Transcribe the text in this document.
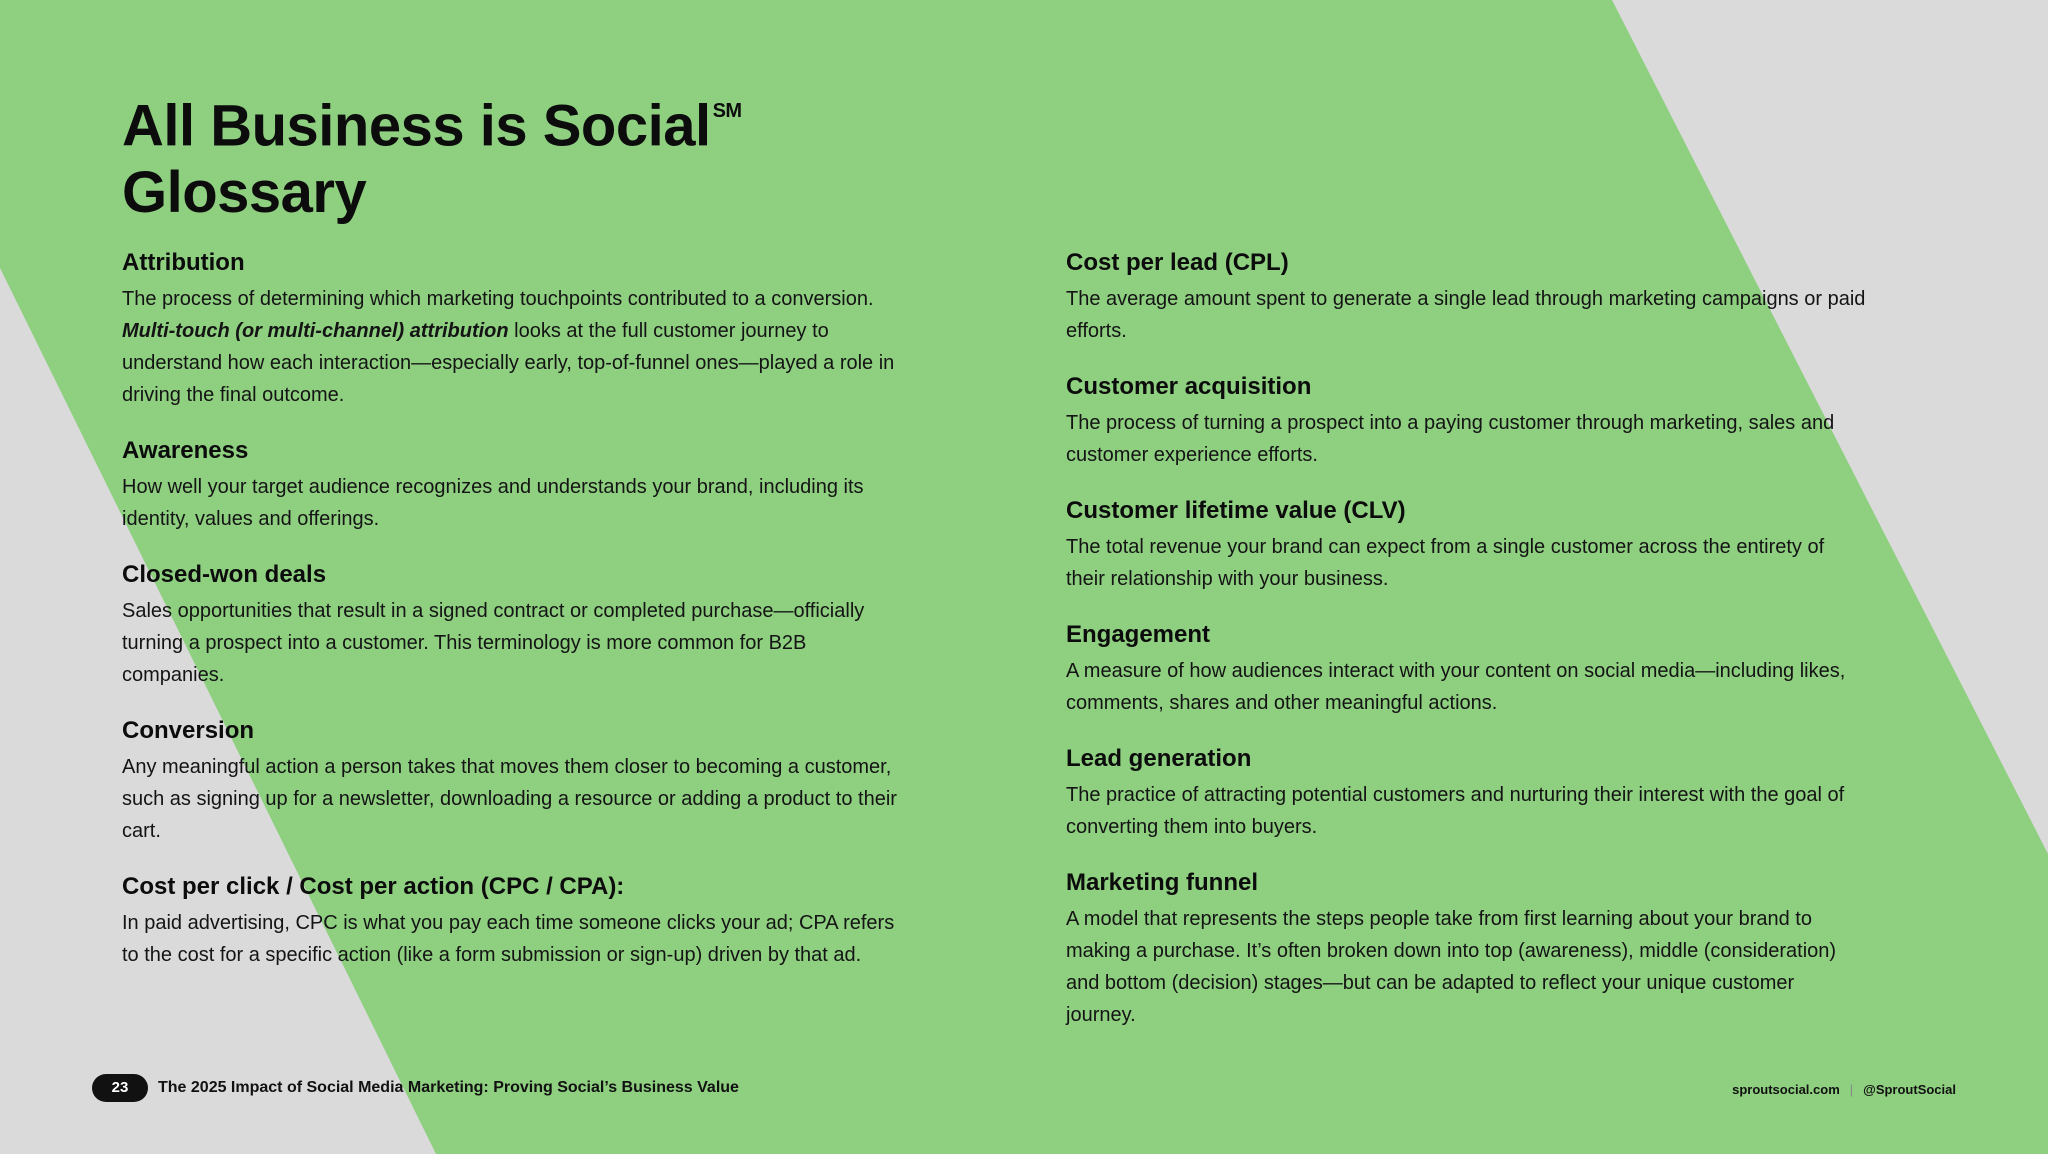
All Business is Social ℠
Glossary
Attribution

The process of determining which marketing touchpoints contributed to a conversion. Multi-touch (or multi-channel) attribution looks at the full customer journey to understand how each interaction—especially early, top-of-funnel ones—played a role in driving the final outcome.

Awareness

How well your target audience recognizes and understands your brand, including its identity, values and offerings.

Closed-won deals

Sales opportunities that result in a signed contract or completed purchase—officially turning a prospect into a customer. This terminology is more common for B2B companies.

Conversion

Any meaningful action a person takes that moves them closer to becoming a customer, such as signing up for a newsletter, downloading a resource or adding a product to their cart.

Cost per click / Cost per action (CPC / CPA):

In paid advertising, CPC is what you pay each time someone clicks your ad; CPA refers to the cost for a specific action (like a form submission or sign-up) driven by that ad.

Cost per lead (CPL)

The average amount spent to generate a single lead through marketing campaigns or paid efforts.

Customer acquisition

The process of turning a prospect into a paying customer through marketing, sales and customer experience efforts.

Customer lifetime value (CLV)

The total revenue your brand can expect from a single customer across the entirety of their relationship with your business.

Engagement

A measure of how audiences interact with your content on social media—including likes, comments, shares and other meaningful actions.

Lead generation

The practice of attracting potential customers and nurturing their interest with the goal of converting them into buyers.

Marketing funnel

A model that represents the steps people take from first learning about your brand to making a purchase. It’s often broken down into top (awareness), middle (consideration) and bottom (decision) stages—but can be adapted to reflect your unique customer journey.

23	The 2025 Impact of Social Media Marketing: Proving Social’s Business Value	sproutsocial.com | @SproutSocial
